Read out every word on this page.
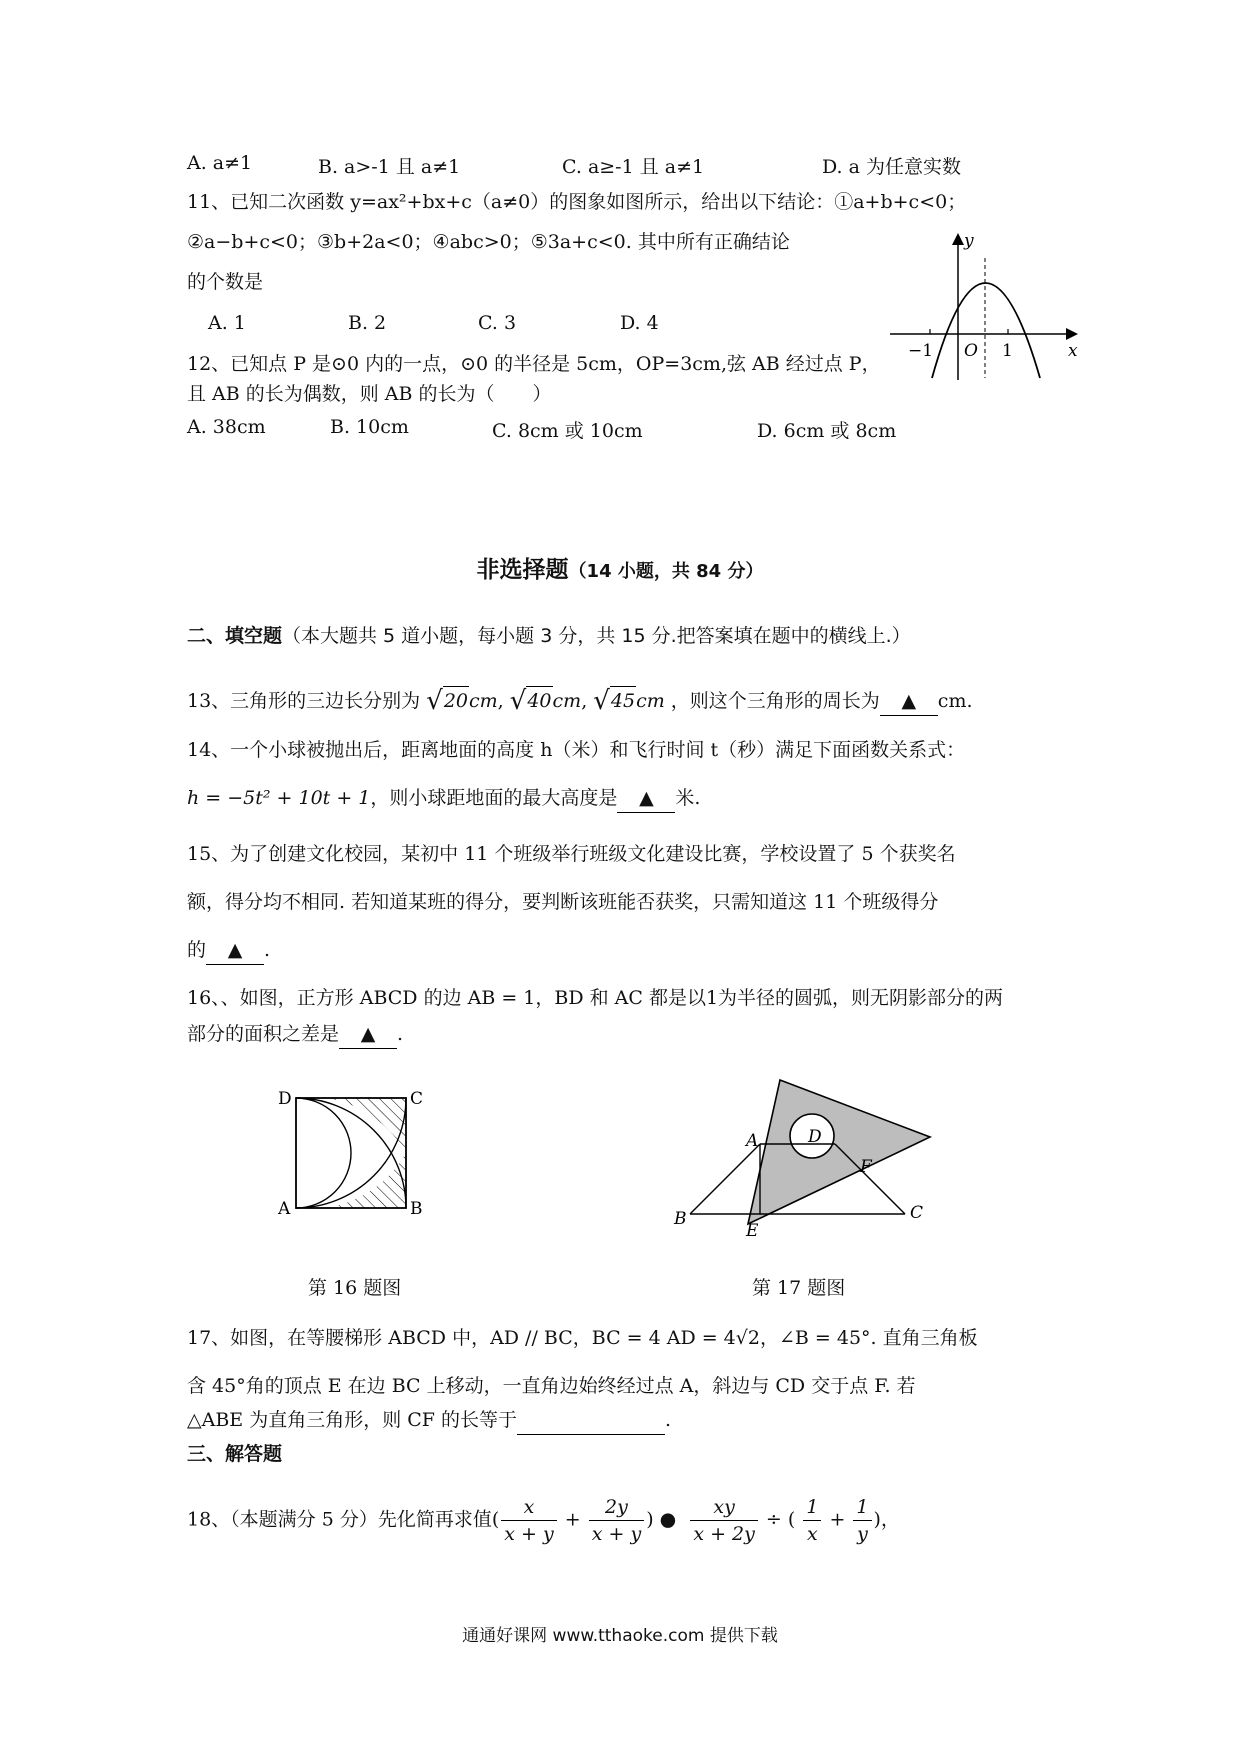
A. a≠1	B. a>-1 且 a≠1	C. a≥-1 且 a≠1	D. a 为任意实数
11、已知二次函数 y=ax²+bx+c（a≠0）的图象如图所示，给出以下结论：①a+b+c<0；
②a−b+c<0；③b+2a<0；④abc>0；⑤3a+c<0. 其中所有正确结论
的个数是
A. 1	B. 2	C. 3	D. 4
y
x
O
−1	1
12、已知点 P 是⊙0 内的一点，⊙0 的半径是 5cm，OP=3cm,弦 AB 经过点 P，
且 AB 的长为偶数，则 AB 的长为（　　）
A. 38cm	B. 10cm	C. 8cm 或 10cm	D. 6cm 或 8cm
非选择题（14 小题，共 84 分）
二、填空题（本大题共 5 道小题，每小题 3 分，共 15 分.把答案填在题中的横线上.）
13、三角形的三边长分别为 √20cm, √40cm, √45cm ，则这个三角形的周长为 ▲ cm.
14、一个小球被抛出后，距离地面的高度 h（米）和飞行时间 t（秒）满足下面函数关系式：
h = −5t² + 10t + 1，则小球距地面的最大高度是 ▲ 米.
15、为了创建文化校园，某初中 11 个班级举行班级文化建设比赛，学校设置了 5 个获奖名
额，得分均不相同. 若知道某班的得分，要判断该班能否获奖，只需知道这 11 个班级得分
的 ▲ .
16、、如图，正方形 ABCD 的边 AB = 1，BD 和 AC 都是以1为半径的圆弧，则无阴影部分的两
部分的面积之差是 ▲ .
D	C
A	B
A	D
F
B
E
C
第 16 题图	第 17 题图
17、如图，在等腰梯形 ABCD 中，AD // BC，BC = 4 AD = 4√2，∠B = 45°. 直角三角板
含 45°角的顶点 E 在边 BC 上移动，一直角边始终经过点 A，斜边与 CD 交于点 F. 若
△ABE 为直角三角形，则 CF 的长等于	.
三、解答题
18、（本题满分 5 分）先化简再求值( $\frac{x}{x + y} + \frac{2y}{x + y}$ ) ● $\frac{xy}{x + 2y}$ ÷ ( $\frac{1}{x} + \frac{1}{y}$ )，
通通好课网 www.tthaoke.com 提供下载
